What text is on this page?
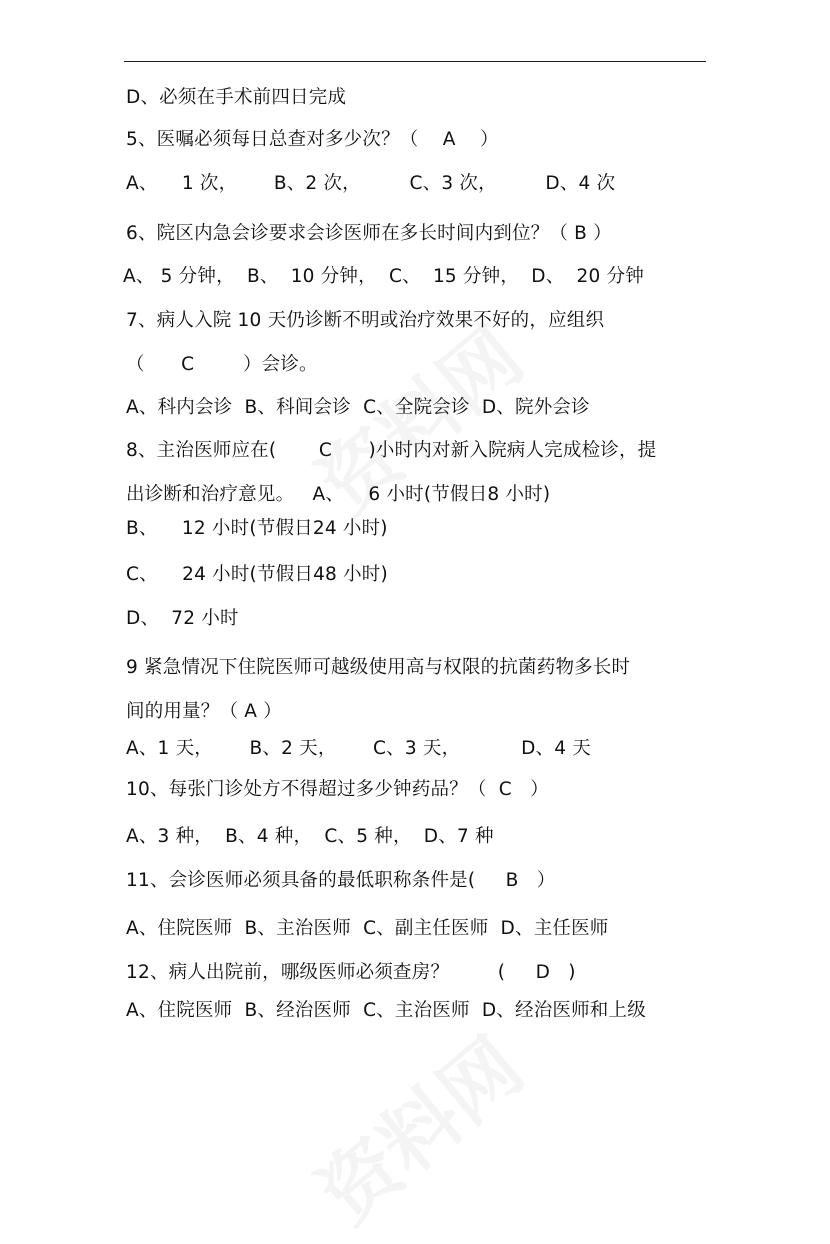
D、必须在手术前四日完成
5、医嘱必须每日总查对多少次？（    A    ）
A、    1 次，      B、2 次，        C、3 次，        D、4 次
6、院区内急会诊要求会诊医师在多长时间内到位？（ B ）
A、 5 分钟，  B、  10 分钟，  C、  15 分钟，  D、  20 分钟
7、病人入院 10 天仍诊断不明或治疗效果不好的，应组织
（      C        ）会诊。
A、科内会诊  B、科间会诊  C、全院会诊  D、院外会诊
8、主治医师应在(       C      )小时内对新入院病人完成检诊，提
出诊断和治疗意见。   A、    6 小时(节假日8 小时)
B、    12 小时(节假日24 小时)
C、    24 小时(节假日48 小时)
D、  72 小时
9 紧急情况下住院医师可越级使用高与权限的抗菌药物多长时
间的用量？（ A ）
A、1 天，      B、2 天，      C、3 天，          D、4 天
10、每张门诊处方不得超过多少钟药品？（  C   ）
A、3 种，  B、4 种，  C、5 种，  D、7 种
11、会诊医师必须具备的最低职称条件是(     B   ）
A、住院医师  B、主治医师  C、副主任医师  D、主任医师
12、病人出院前，哪级医师必须查房？        (     D   )
A、住院医师  B、经治医师  C、主治医师  D、经治医师和上级
